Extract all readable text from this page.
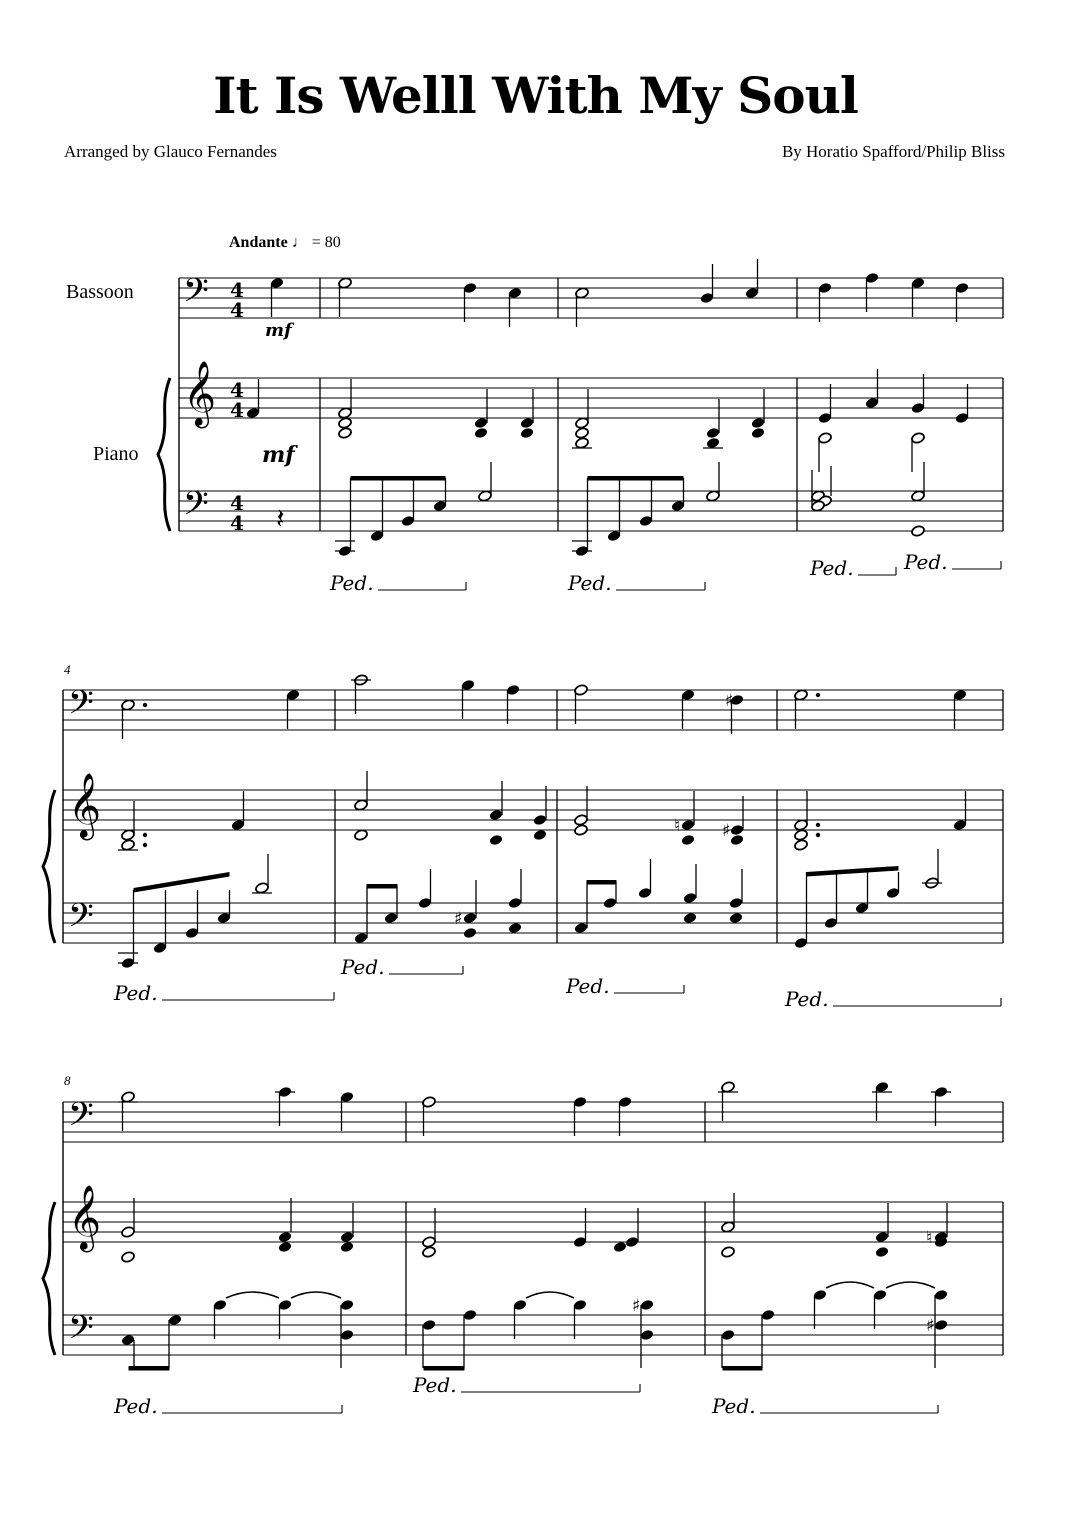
It Is Welll With My Soul
Arranged by Glauco Fernandes	By Horatio Spafford/Philip Bliss
Andante ♩ = 80
Bassoon
Piano
4
8
𝄢
𝄞
𝄢
4
4
4
4
4
4
mf
mf
𝄽
Ped.	Ped.
Ped.	Ped.
𝄢
𝄞
𝄢
♯
♮ ♯
♯
Ped.
Ped.
Ped.
Ped.
𝄢
𝄞
𝄢
♮
♯
♯
Ped.
Ped.
Ped.
